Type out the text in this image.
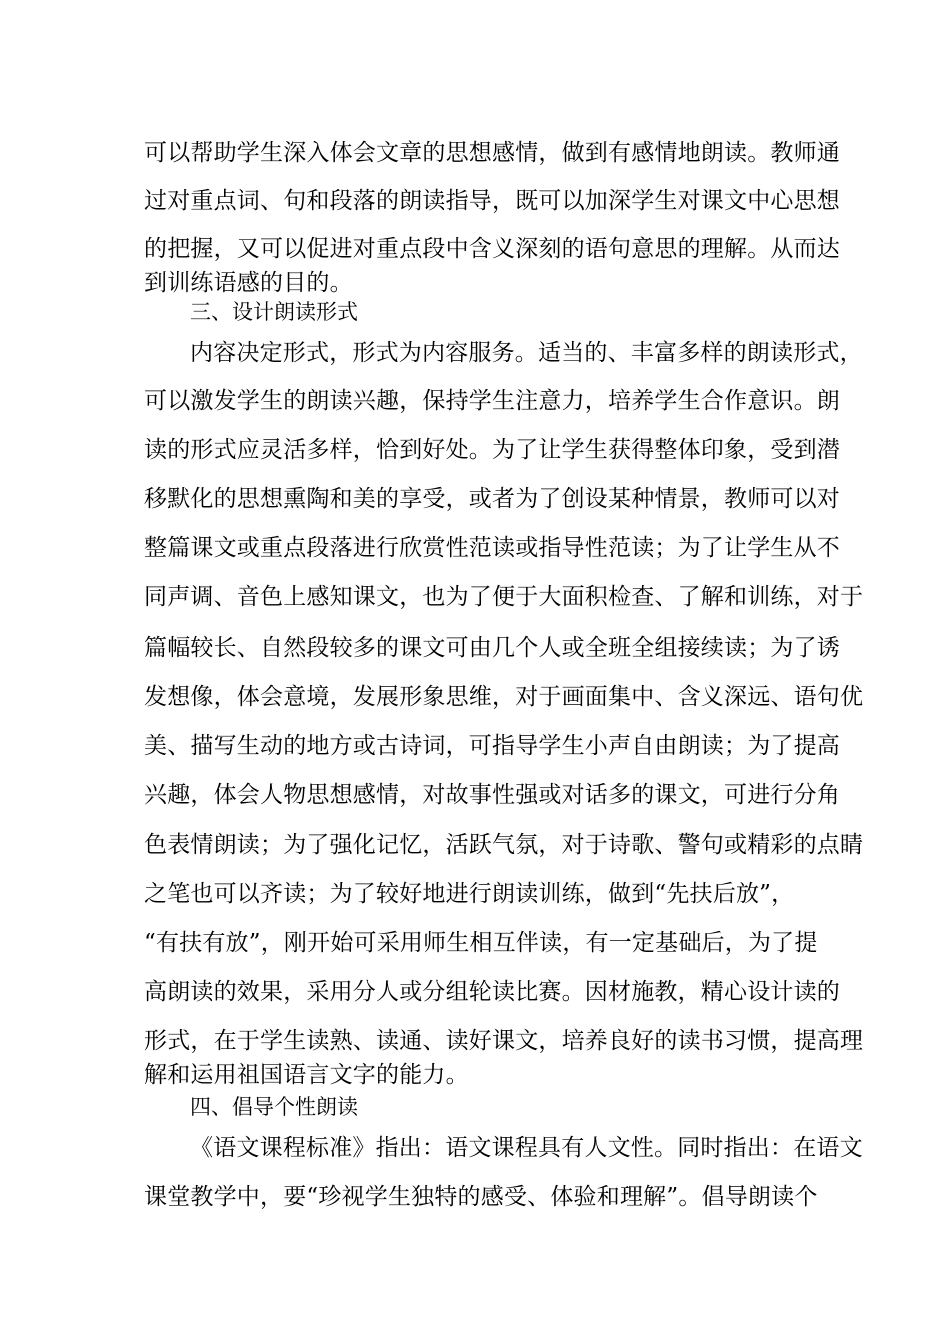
可以帮助学生深入体会文章的思想感情，做到有感情地朗读。教师通
过对重点词、句和段落的朗读指导，既可以加深学生对课文中心思想
的把握，又可以促进对重点段中含义深刻的语句意思的理解。从而达
到训练语感的目的。
三、设计朗读形式
内容决定形式，形式为内容服务。适当的、丰富多样的朗读形式，
可以激发学生的朗读兴趣，保持学生注意力，培养学生合作意识。朗
读的形式应灵活多样，恰到好处。为了让学生获得整体印象，受到潜
移默化的思想熏陶和美的享受，或者为了创设某种情景，教师可以对
整篇课文或重点段落进行欣赏性范读或指导性范读；为了让学生从不
同声调、音色上感知课文，也为了便于大面积检查、了解和训练，对于
篇幅较长、自然段较多的课文可由几个人或全班全组接续读；为了诱
发想像，体会意境，发展形象思维，对于画面集中、含义深远、语句优
美、描写生动的地方或古诗词，可指导学生小声自由朗读；为了提高
兴趣，体会人物思想感情，对故事性强或对话多的课文，可进行分角
色表情朗读；为了强化记忆，活跃气氛，对于诗歌、警句或精彩的点睛
之笔也可以齐读；为了较好地进行朗读训练，做到“先扶后放”，
“有扶有放”，刚开始可采用师生相互伴读，有一定基础后，为了提
高朗读的效果，采用分人或分组轮读比赛。因材施教，精心设计读的
形式，在于学生读熟、读通、读好课文，培养良好的读书习惯，提高理
解和运用祖国语言文字的能力。
四、倡导个性朗读
《语文课程标准》指出：语文课程具有人文性。同时指出：在语文
课堂教学中，要“珍视学生独特的感受、体验和理解”。倡导朗读个
